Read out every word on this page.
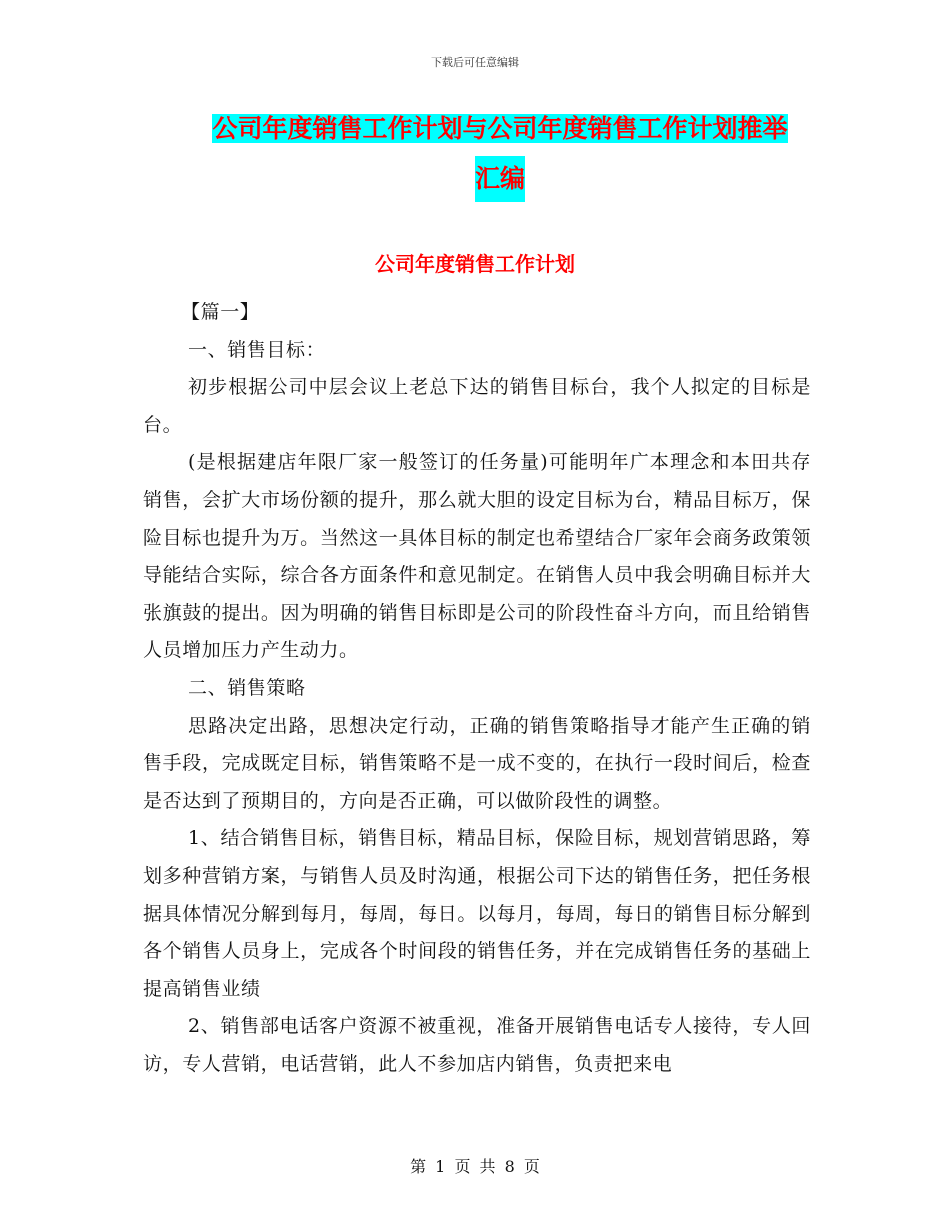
下载后可任意编辑
公司年度销售工作计划与公司年度销售工作计划推举
汇编
公司年度销售工作计划

【篇一】

一、销售目标：

初步根据公司中层会议上老总下达的销售目标台，我个人拟定的目标是台。

(是根据建店年限厂家一般签订的任务量)可能明年广本理念和本田共存销售，会扩大市场份额的提升，那么就大胆的设定目标为台，精品目标万，保险目标也提升为万。当然这一具体目标的制定也希望结合厂家年会商务政策领导能结合实际，综合各方面条件和意见制定。在销售人员中我会明确目标并大张旗鼓的提出。因为明确的销售目标即是公司的阶段性奋斗方向，而且给销售人员增加压力产生动力。

二、销售策略

思路决定出路，思想决定行动，正确的销售策略指导才能产生正确的销售手段，完成既定目标，销售策略不是一成不变的，在执行一段时间后，检查是否达到了预期目的，方向是否正确，可以做阶段性的调整。

1、结合销售目标，销售目标，精品目标，保险目标，规划营销思路，筹划多种营销方案，与销售人员及时沟通，根据公司下达的销售任务，把任务根据具体情况分解到每月，每周，每日。以每月，每周，每日的销售目标分解到各个销售人员身上，完成各个时间段的销售任务，并在完成销售任务的基础上提高销售业绩

2、销售部电话客户资源不被重视，准备开展销售电话专人接待，专人回访，专人营销，电话营销，此人不参加店内销售，负责把来电

第 1 页 共 8 页
